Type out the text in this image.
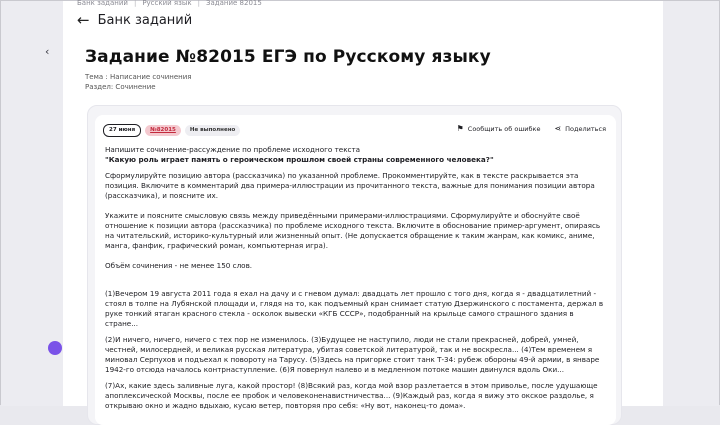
‹
Банк заданий | Русский язык | Задание 82015
← Банк заданий
Задание №82015 ЕГЭ по Русскому языку
Тема : Написание сочинения
Раздел: Сочинение
27 июня	№82015	Не выполнено	⚑ Сообщить об ошибке ⋖ Поделиться

Напишите сочинение-рассуждение по проблеме исходного текста

"Какую роль играет память о героическом прошлом своей страны современного человека?"

Сформулируйте позицию автора (рассказчика) по указанной проблеме. Прокомментируйте, как в тексте раскрывается эта позиция. Включите в комментарий два примера-иллюстрации из прочитанного текста, важные для понимания позиции автора (рассказчика), и поясните их.

Укажите и поясните смысловую связь между приведёнными примерами-иллюстрациями. Сформулируйте и обоснуйте своё отношение к позиции автора (рассказчика) по проблеме исходного текста. Включите в обоснование пример-аргумент, опираясь на читательский, историко-культурный или жизненный опыт. (Не допускается обращение к таким жанрам, как комикс, аниме, манга, фанфик, графический роман, компьютерная игра).

Объём сочинения - не менее 150 слов.

(1)Вечером 19 августа 2011 года я ехал на дачу и с гневом думал: двадцать лет прошло с того дня, когда я - двадцатилетний - стоял в толпе на Лубянской площади и, глядя на то, как подъемный кран снимает статую Дзержинского с постамента, держал в руке тонкий ятаган красного стекла - осколок вывески «КГБ СССР», подобранный на крыльце самого страшного здания в стране...

(2)И ничего, ничего, ничего с тех пор не изменилось. (3)Будущее не наступило, люди не стали прекрасней, добрей, умней, честней, милосердней, и великая русская литература, убитая советской литературой, так и не воскресла... (4)Тем временем я миновал Серпухов и подъехал к повороту на Тарусу. (5)Здесь на пригорке стоит танк Т-34: рубеж обороны 49-й армии, в январе 1942-го отсюда началось контрнаступление. (6)Я повернул налево и в медленном потоке машин двинулся вдоль Оки...

(7)Ах, какие здесь заливные луга, какой простор! (8)Всякий раз, когда мой взор разлетается в этом привольe, после удушающе апоплексической Москвы, после ее пробок и человеконенавистничества... (9)Каждый раз, когда я вижу это окское раздолье, я открываю окно и жадно вдыхаю, кусаю ветер, повторяя про себя: «Ну вот, наконец-то дома».
